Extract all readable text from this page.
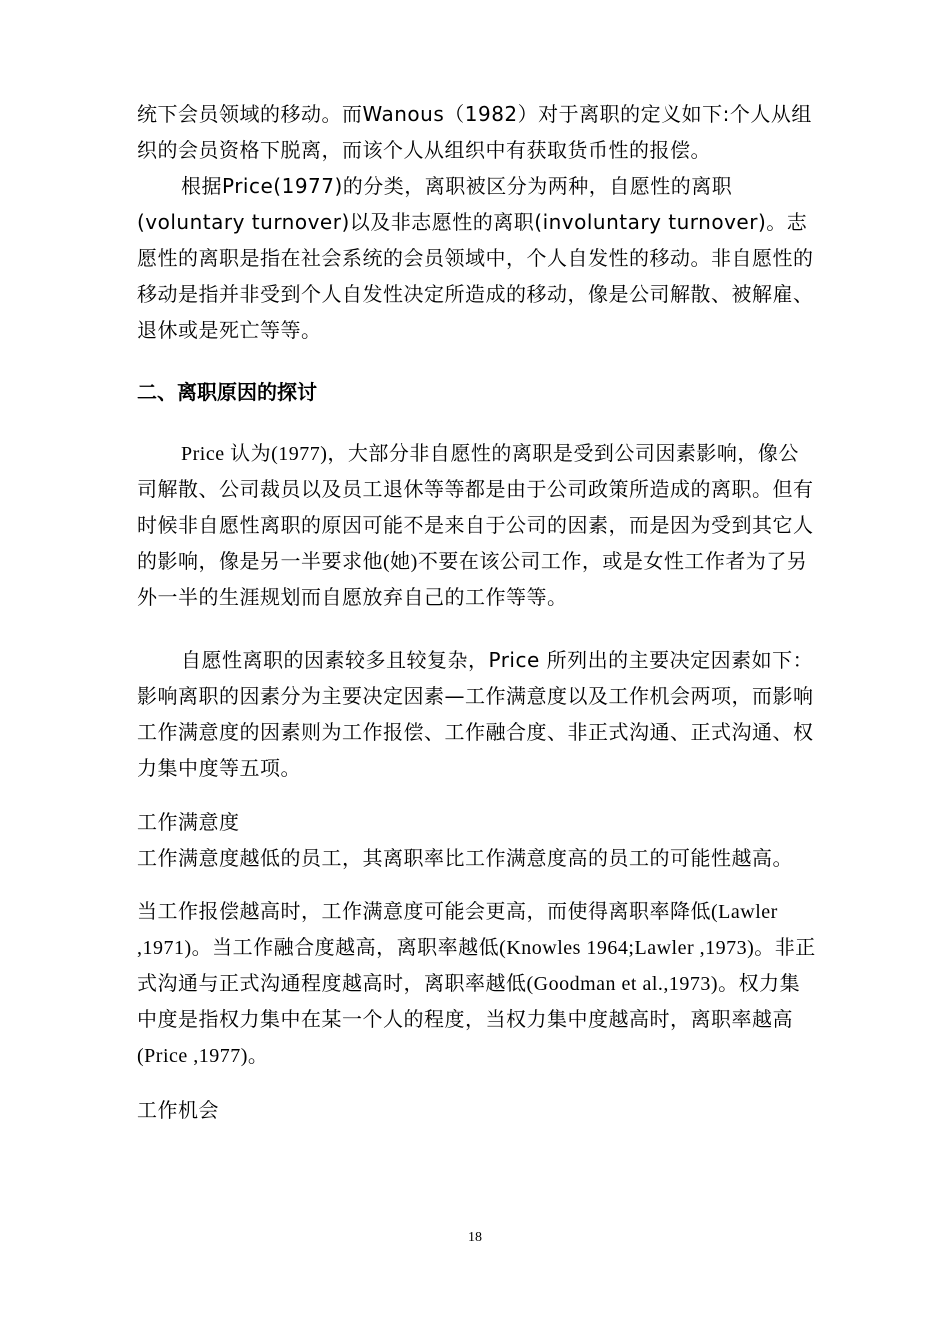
统下会员领域的移动。而Wanous（1982）对于离职的定义如下:个人从组织的会员资格下脱离，而该个人从组织中有获取货币性的报偿。

根据Price(1977)的分类，离职被区分为两种，自愿性的离职(voluntary turnover)以及非志愿性的离职(involuntary turnover)。志愿性的离职是指在社会系统的会员领域中，个人自发性的移动。非自愿性的移动是指并非受到个人自发性决定所造成的移动，像是公司解散、被解雇、退休或是死亡等等。

二、离职原因的探讨

Price 认为(1977)，大部分非自愿性的离职是受到公司因素影响，像公司解散、公司裁员以及员工退休等等都是由于公司政策所造成的离职。但有时候非自愿性离职的原因可能不是来自于公司的因素，而是因为受到其它人的影响，像是另一半要求他(她)不要在该公司工作，或是女性工作者为了另外一半的生涯规划而自愿放弃自己的工作等等。

自愿性离职的因素较多且较复杂，Price 所列出的主要决定因素如下：

影响离职的因素分为主要决定因素—工作满意度以及工作机会两项，而影响工作满意度的因素则为工作报偿、工作融合度、非正式沟通、正式沟通、权力集中度等五项。

工作满意度

工作满意度越低的员工，其离职率比工作满意度高的员工的可能性越高。

当工作报偿越高时，工作满意度可能会更高，而使得离职率降低(Lawler ,1971)。当工作融合度越高，离职率越低(Knowles 1964;Lawler ,1973)。非正式沟通与正式沟通程度越高时，离职率越低(Goodman et al.,1973)。权力集中度是指权力集中在某一个人的程度，当权力集中度越高时，离职率越高(Price ,1977)。

工作机会

18
